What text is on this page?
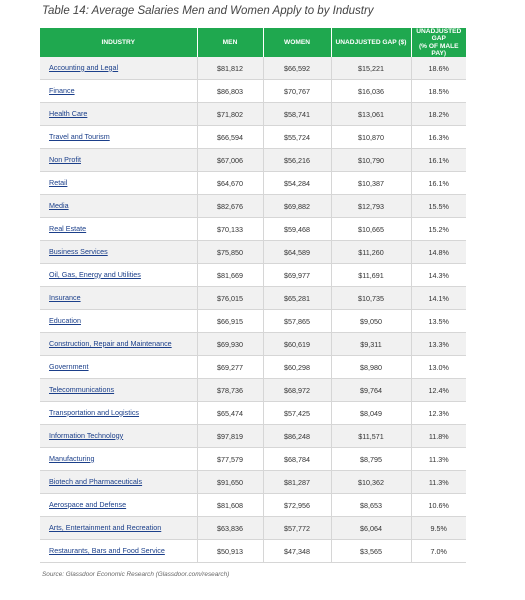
Table 14: Average Salaries Men and Women Apply to by Industry
INDUSTRY	MEN	WOMEN	UNADJUSTED GAP ($)	UNADJUSTED GAP
(% OF MALE PAY)
Accounting and Legal	$81,812	$66,592	$15,221	18.6%
Finance	$86,803	$70,767	$16,036	18.5%
Health Care	$71,802	$58,741	$13,061	18.2%
Travel and Tourism	$66,594	$55,724	$10,870	16.3%
Non Profit	$67,006	$56,216	$10,790	16.1%
Retail	$64,670	$54,284	$10,387	16.1%
Media	$82,676	$69,882	$12,793	15.5%
Real Estate	$70,133	$59,468	$10,665	15.2%
Business Services	$75,850	$64,589	$11,260	14.8%
Oil, Gas, Energy and Utilities	$81,669	$69,977	$11,691	14.3%
Insurance	$76,015	$65,281	$10,735	14.1%
Education	$66,915	$57,865	$9,050	13.5%
Construction, Repair and Maintenance	$69,930	$60,619	$9,311	13.3%
Government	$69,277	$60,298	$8,980	13.0%
Telecommunications	$78,736	$68,972	$9,764	12.4%
Transportation and Logistics	$65,474	$57,425	$8,049	12.3%
Information Technology	$97,819	$86,248	$11,571	11.8%
Manufacturing	$77,579	$68,784	$8,795	11.3%
Biotech and Pharmaceuticals	$91,650	$81,287	$10,362	11.3%
Aerospace and Defense	$81,608	$72,956	$8,653	10.6%
Arts, Entertainment and Recreation	$63,836	$57,772	$6,064	9.5%
Restaurants, Bars and Food Service	$50,913	$47,348	$3,565	7.0%
Source: Glassdoor Economic Research (Glassdoor.com/research)
